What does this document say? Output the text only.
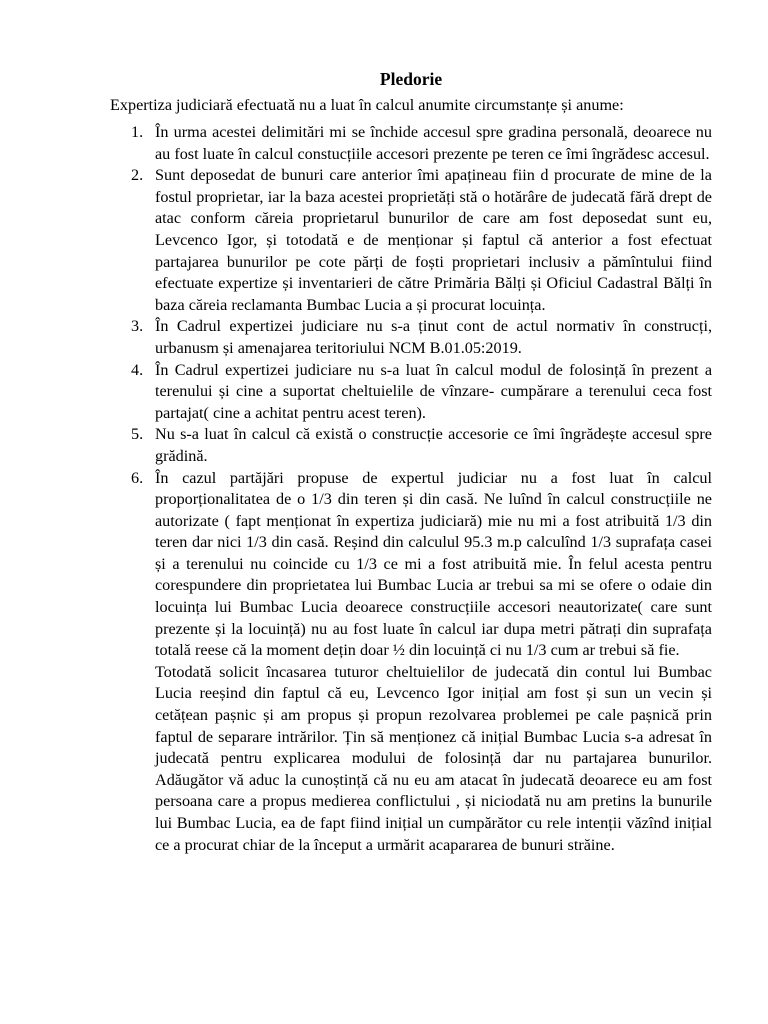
Pledorie
Expertiza judiciară efectuată nu a luat în calcul anumite circumstanțe și anume:
1. În urma acestei delimitări mi se închide accesul spre gradina personală, deoarece nu au fost luate în calcul constucțiile accesori prezente pe teren ce îmi îngrădesc accesul.
2. Sunt deposedat de bunuri care anterior îmi apațineau fiin d procurate de mine de la fostul proprietar, iar la baza acestei proprietăți stă o hotărâre de judecată fără drept de atac conform căreia proprietarul bunurilor de care am fost deposedat sunt eu, Levcenco Igor, și totodată e de menționar și faptul că anterior a fost efectuat partajarea bunurilor pe cote părți de foști proprietari inclusiv a pămîntului fiind efectuate expertize și inventarieri de către Primăria Bălți și Oficiul Cadastral Bălți în baza căreia reclamanta Bumbac Lucia a și procurat locuința.
3. În Cadrul expertizei judiciare nu s-a ținut cont de actul normativ în construcți, urbanusm și amenajarea teritoriului NCM B.01.05:2019.
4. În Cadrul expertizei judiciare nu s-a luat în calcul modul de folosință în prezent a terenului și cine a suportat cheltuielile de vînzare- cumpărare a terenului ceca fost partajat( cine a achitat pentru acest teren).
5. Nu s-a luat în calcul că există o construcție accesorie ce îmi îngrădește accesul spre grădină.
6. În cazul partăjări propuse de expertul judiciar nu a fost luat în calcul proporționalitatea de o 1/3 din teren și din casă. Ne luînd în calcul construcțiile ne autorizate ( fapt menționat în expertiza judiciară) mie nu mi a fost atribuită 1/3 din teren dar nici 1/3 din casă. Reșind din calculul 95.3 m.p calculînd 1/3 suprafața casei și a terenului nu coincide cu 1/3 ce mi a fost atribuită mie. În felul acesta pentru corespundere din proprietatea lui Bumbac Lucia ar trebui sa mi se ofere o odaie din locuința lui Bumbac Lucia deoarece construcțiile accesori neautorizate( care sunt prezente și la locuință) nu au fost luate în calcul iar dupa metri pătrați din suprafața totală reese că la moment dețin doar ½ din locuință ci nu 1/3 cum ar trebui să fie.

Totodată solicit încasarea tuturor cheltuielilor de judecată din contul lui Bumbac Lucia reeșind din faptul că eu, Levcenco Igor inițial am fost și sun un vecin și cetățean pașnic și am propus și propun rezolvarea problemei pe cale pașnică prin faptul de separare intrărilor. Țin să menționez că inițial Bumbac Lucia s-a adresat în judecată pentru explicarea modului de folosință dar nu partajarea bunurilor. Adăugător vă aduc la cunoștință că nu eu am atacat în judecată deoarece eu am fost persoana care a propus medierea conflictului , și niciodată nu am pretins la bunurile lui Bumbac Lucia, ea de fapt fiind inițial un cumpărător cu rele intenții văzînd inițial ce a procurat chiar de la început a urmărit acapararea de bunuri străine.
